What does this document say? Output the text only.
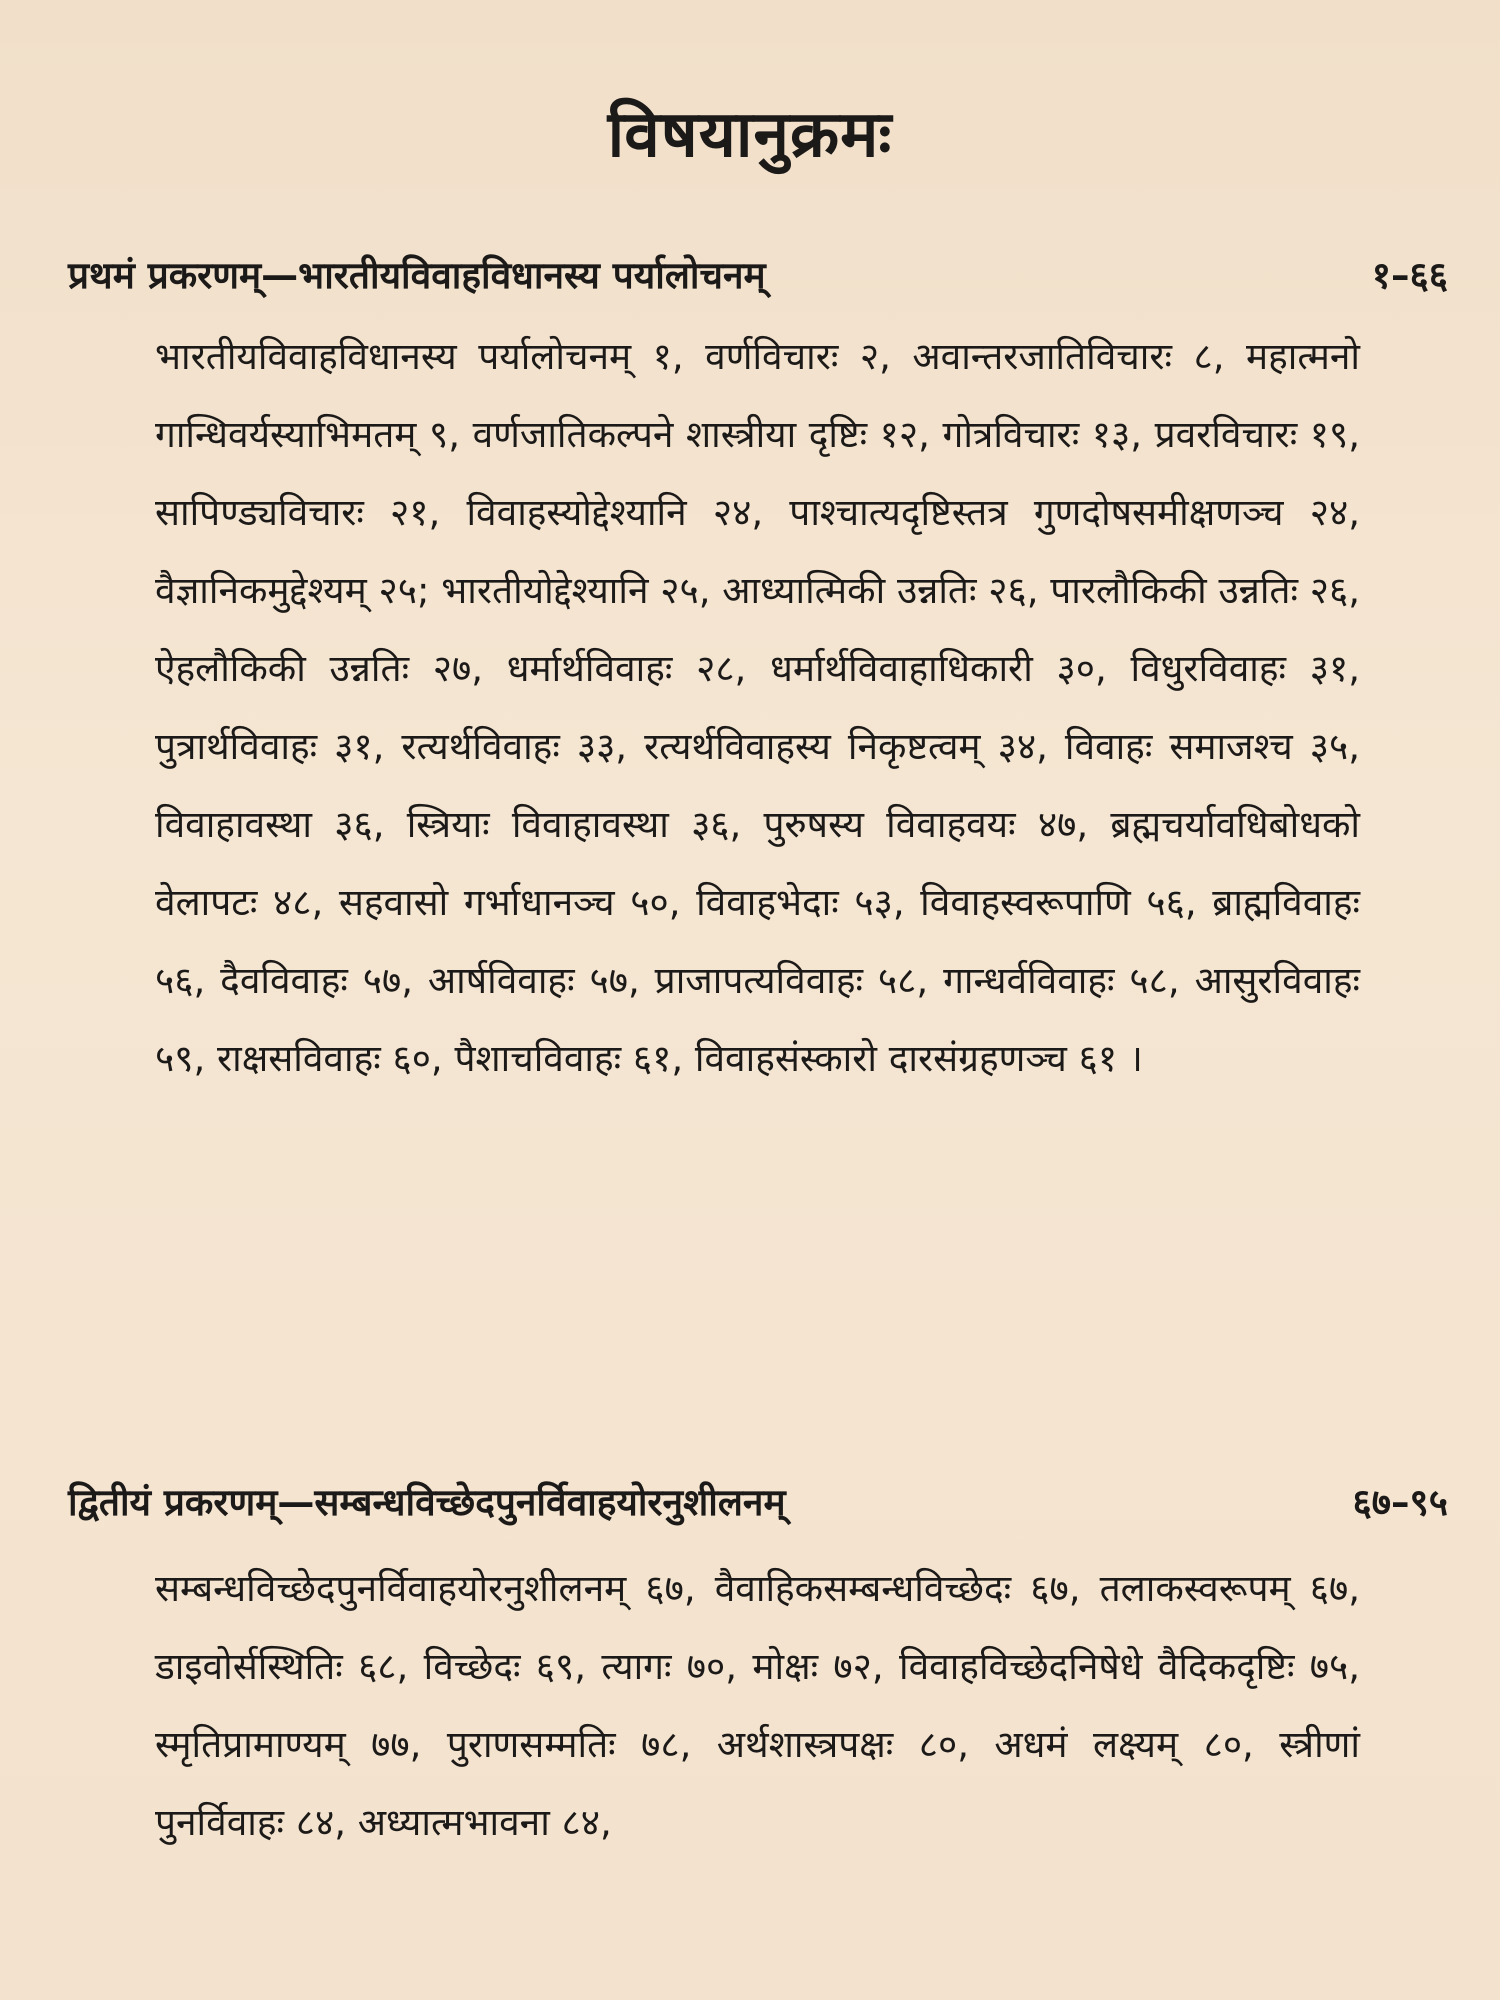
विषयानुक्रमः
प्रथमं प्रकरणम्—भारतीयविवाहविधानस्य पर्यालोचनम्	१–६६
भारतीयविवाहविधानस्य पर्यालोचनम् १, वर्णविचारः २, अवान्तरजातिविचारः ८, महात्मनो गान्धिवर्यस्याभिमतम् ९, वर्णजातिकल्पने शास्त्रीया दृष्टिः १२, गोत्रविचारः १३, प्रवरविचारः १९, सापिण्ड्यविचारः २१, विवाहस्योद्देश्यानि २४, पाश्चात्यदृष्टिस्तत्र गुणदोषसमीक्षणञ्च २४, वैज्ञानिकमुद्देश्यम् २५; भारतीयोद्देश्यानि २५, आध्यात्मिकी उन्नतिः २६, पारलौकिकी उन्नतिः २६, ऐहलौकिकी उन्नतिः २७, धर्मार्थविवाहः २८, धर्मार्थविवाहाधिकारी ३०, विधुरविवाहः ३१, पुत्रार्थविवाहः ३१, रत्यर्थविवाहः ३३, रत्यर्थविवाहस्य निकृष्टत्वम् ३४, विवाहः समाजश्च ३५, विवाहावस्था ३६, स्त्रियाः विवाहावस्था ३६, पुरुषस्य विवाहवयः ४७, ब्रह्मचर्यावधिबोधको वेलापटः ४८, सहवासो गर्भाधानञ्च ५०, विवाहभेदाः ५३, विवाहस्वरूपाणि ५६, ब्राह्मविवाहः ५६, दैवविवाहः ५७, आर्षविवाहः ५७, प्राजापत्यविवाहः ५८, गान्धर्वविवाहः ५८, आसुरविवाहः ५९, राक्षसविवाहः ६०, पैशाचविवाहः ६१, विवाहसंस्कारो दारसंग्रहणञ्च ६१ ।
द्वितीयं प्रकरणम्—सम्बन्धविच्छेदपुनर्विवाहयोरनुशीलनम्	६७–९५
सम्बन्धविच्छेदपुनर्विवाहयोरनुशीलनम् ६७, वैवाहिकसम्बन्धविच्छेदः ६७, तलाकस्वरूपम् ६७, डाइवोर्सस्थितिः ६८, विच्छेदः ६९, त्यागः ७०, मोक्षः ७२, विवाहविच्छेदनिषेधे वैदिकदृष्टिः ७५, स्मृतिप्रामाण्यम् ७७, पुराणसम्मतिः ७८, अर्थशास्त्रपक्षः ८०, अधमं लक्ष्यम् ८०, स्त्रीणां पुनर्विवाहः ८४, अध्यात्मभावना ८४,
